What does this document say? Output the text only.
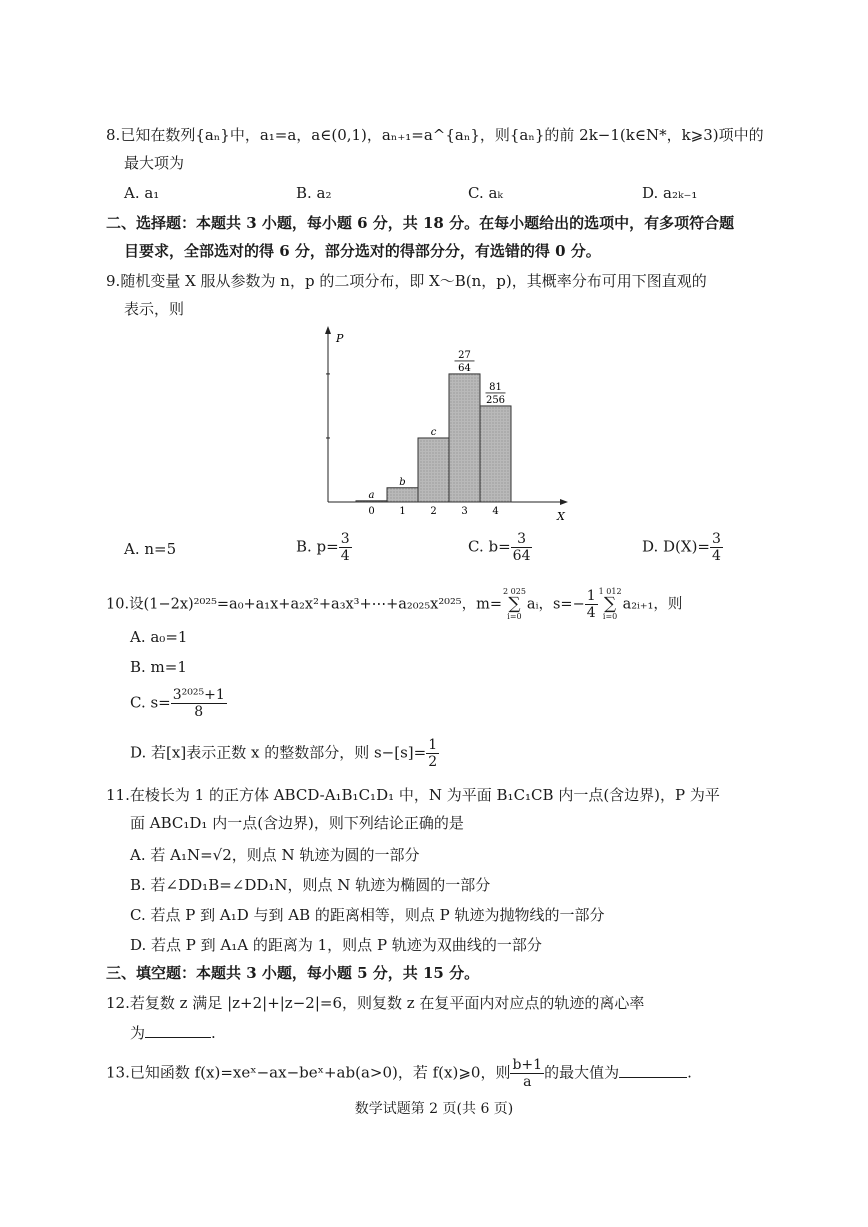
8.已知在数列{aₙ}中，a₁=a，a∈(0,1)，aₙ₊₁=a^{aₙ}，则{aₙ}的前 2k−1(k∈N*，k⩾3)项中的
最大项为
A. a₁	B. a₂	C. aₖ	D. a₂ₖ₋₁
二、选择题：本题共 3 小题，每小题 6 分，共 18 分。在每小题给出的选项中，有多项符合题
目要求，全部选对的得 6 分，部分选对的得部分分，有选错的得 0 分。
9.随机变量 X 服从参数为 n，p 的二项分布，即 X～B(n，p)，其概率分布可用下图直观的
表示，则
X
P
0
a
1
b
2
c
3
27
64
4
81
256
A. n=5	B. $p= \frac{3}{4}$	C. $b= \frac{3}{64}$	D. $D(X)= \frac{3}{4}$
10.设(1−2x)²⁰²⁵=a₀+a₁x+a₂x²+a₃x³+⋯+a₂₀₂₅x²⁰²⁵，m=
2 025
∑
i=0
aᵢ，$s=- \frac{1}{4} 1$ 012
∑
i=0
a₂ᵢ₊₁，则
A. a₀=1
B. m=1
C. $s= \frac{\text{3²⁰²⁵+1}}{8}$
D. 若[x]表示正数 x 的整数部分，则 $s-[s]= \frac{1}{2}$
11.在棱长为 1 的正方体 ABCD-A₁B₁C₁D₁ 中，N 为平面 B₁C₁CB 内一点(含边界)，P 为平
面 ABC₁D₁ 内一点(含边界)，则下列结论正确的是
A. 若 A₁N=√2，则点 N 轨迹为圆的一部分
B. 若∠DD₁B=∠DD₁N，则点 N 轨迹为椭圆的一部分
C. 若点 P 到 A₁D 与到 AB 的距离相等，则点 P 轨迹为抛物线的一部分
D. 若点 P 到 A₁A 的距离为 1，则点 P 轨迹为双曲线的一部分
三、填空题：本题共 3 小题，每小题 5 分，共 15 分。
12.若复数 z 满足 |z+2|+|z−2|=6，则复数 z 在复平面内对应点的轨迹的离心率
为	.
13.已知函数 f(x)=xeˣ−ax−beˣ+ab(a>0)，若 f(x)⩾0，则 $\frac{b+1}{a}$ 的最大值为	.
数学试题第 2 页(共 6 页)
